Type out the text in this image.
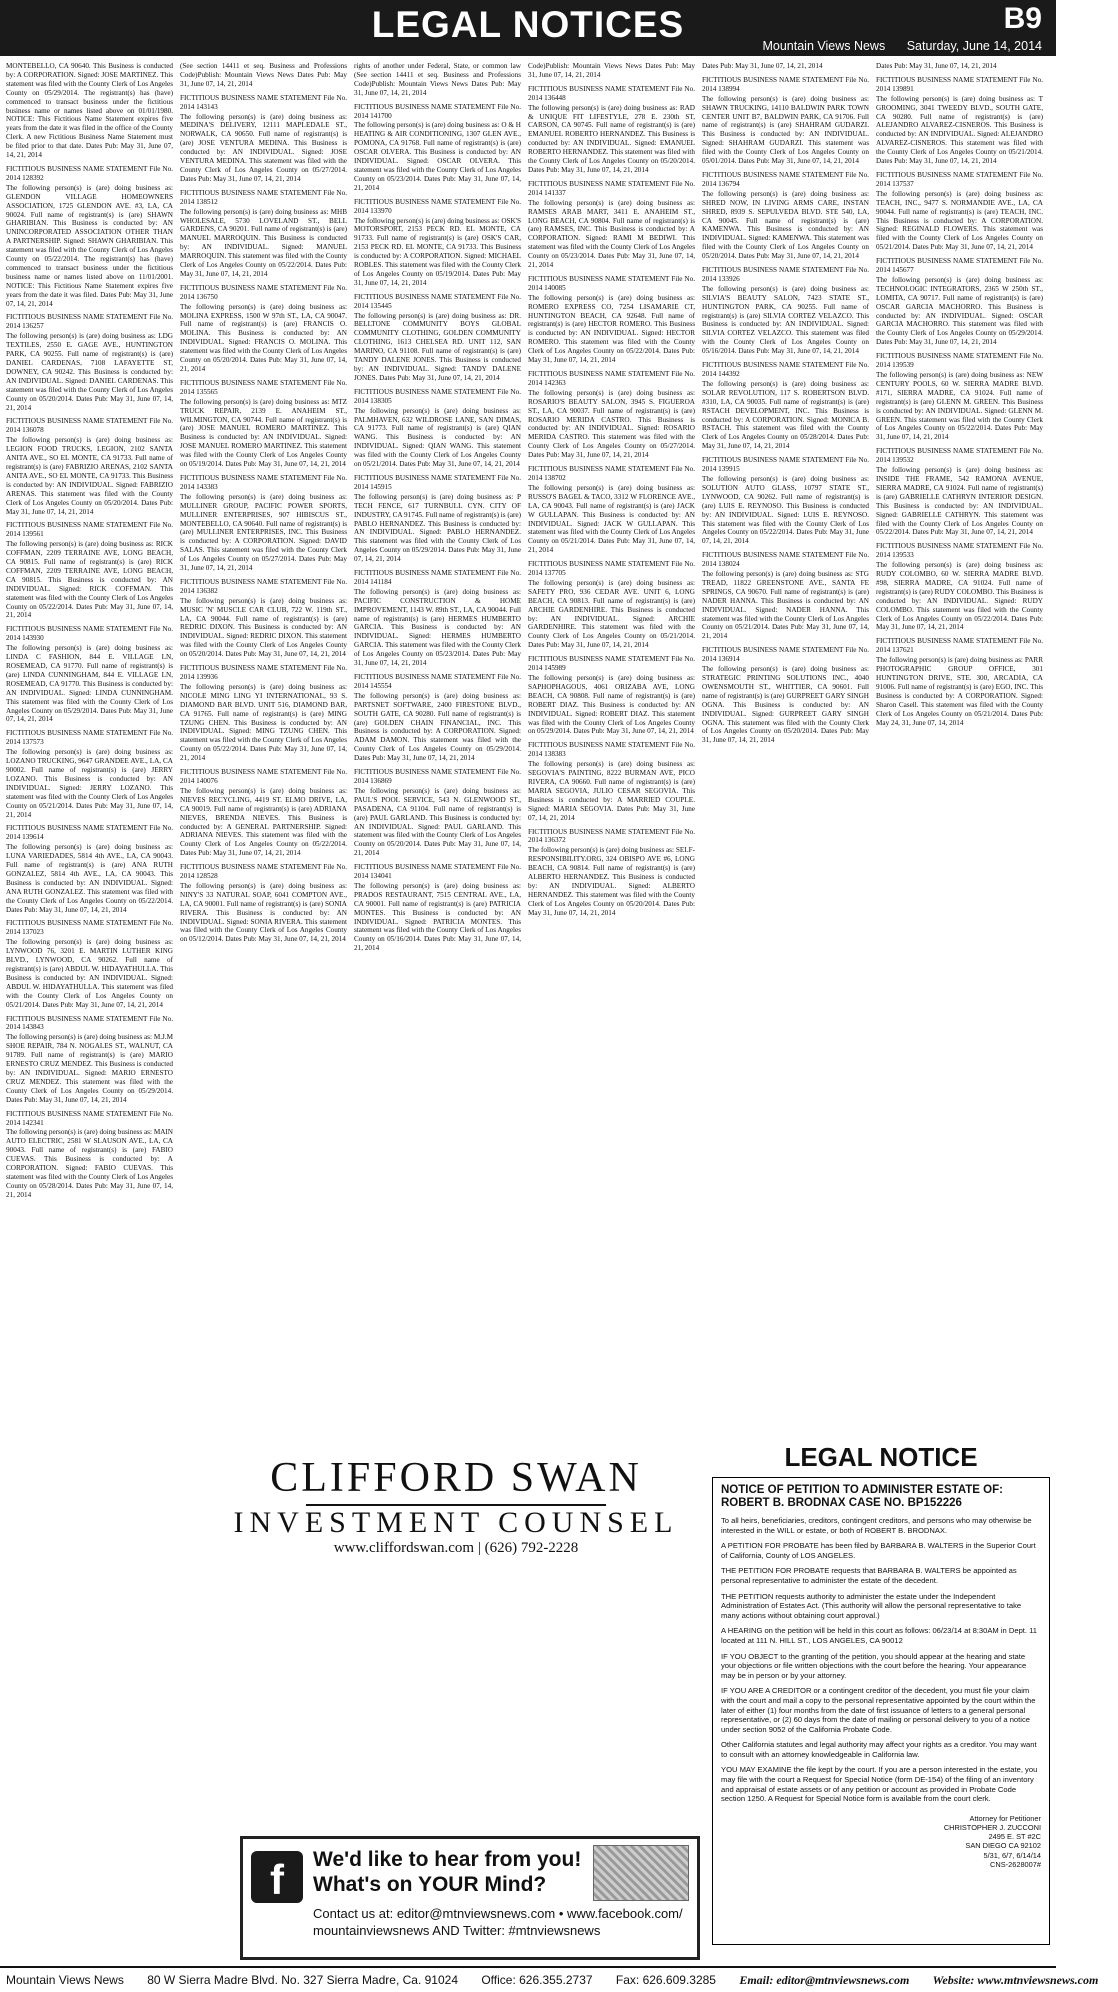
LEGAL NOTICES	B9
Mountain Views News Saturday, June 14, 2014
MONTEBELLO, CA 90640. This Business is conducted by: A CORPORATION. Signed: JOSE MARTINEZ. This statement was filed with the County Clerk of Los Angeles County on 05/29/2014. The registrant(s) has (have) commenced to transact business under the fictitious business name or names listed above on 01/01/1980. NOTICE: This Fictitious Name Statement expires five years from the date it was filed in the office of the County Clerk. A new Fictitious Business Name Statement must be filed prior to that date. Dates Pub: May 31, June 07, 14, 21, 2014
FICTITIOUS BUSINESS NAME STATEMENT File No. 2014 128392
The following person(s) is (are) doing business as: GLENDON VILLAGE HOMEOWNERS ASSOCIATION, 1725 GLENDON AVE. #3, LA, CA 90024. Full name of registrant(s) is (are) SHAWN GHARIBIAN. This Business is conducted by: AN UNINCORPORATED ASSOCIATION OTHER THAN A PARTNERSHIP. Signed: SHAWN GHARIBIAN. This statement was filed with the County Clerk of Los Angeles County on 05/22/2014. The registrant(s) has (have) commenced to transact business under the fictitious business name or names listed above on 11/01/2001. NOTICE: This Fictitious Name Statement expires five years from the date it was filed. Dates Pub: May 31, June 07, 14, 21, 2014
FICTITIOUS BUSINESS NAME STATEMENT File No. 2014 136257
The following person(s) is (are) doing business as: LDG TEXTILES, 2550 E. GAGE AVE., HUNTINGTON PARK, CA 90255. Full name of registrant(s) is (are) DANIEL CARDENAS, 7108 LAFAYETTE ST, DOWNEY, CA 90242. This Business is conducted by: AN INDIVIDUAL. Signed: DANIEL CARDENAS. This statement was filed with the County Clerk of Los Angeles County on 05/20/2014. Dates Pub: May 31, June 07, 14, 21, 2014
FICTITIOUS BUSINESS NAME STATEMENT File No. 2014 136078
The following person(s) is (are) doing business as: LEGION FOOD TRUCKS, LEGION, 2102 SANTA ANITA AVE., SO EL MONTE, CA 91733. Full name of registrant(s) is (are) FABRIZIO ARENAS, 2102 SANTA ANITA AVE., SO EL MONTE, CA 91733. This Business is conducted by: AN INDIVIDUAL. Signed: FABRIZIO ARENAS. This statement was filed with the County Clerk of Los Angeles County on 05/20/2014. Dates Pub: May 31, June 07, 14, 21, 2014
FICTITIOUS BUSINESS NAME STATEMENT File No. 2014 139561
The following person(s) is (are) doing business as: RICK COFFMAN, 2209 TERRAINE AVE, LONG BEACH, CA 90815. Full name of registrant(s) is (are) RICK COFFMAN, 2209 TERRAINE AVE, LONG BEACH, CA 90815. This Business is conducted by: AN INDIVIDUAL. Signed: RICK COFFMAN. This statement was filed with the County Clerk of Los Angeles County on 05/22/2014. Dates Pub: May 31, June 07, 14, 21, 2014
FICTITIOUS BUSINESS NAME STATEMENT File No. 2014 143930
The following person(s) is (are) doing business as: LINDA C FASHION, 844 E. VILLAGE LN, ROSEMEAD, CA 91770. Full name of registrant(s) is (are) LINDA CUNNINGHAM, 844 E. VILLAGE LN, ROSEMEAD, CA 91770. This Business is conducted by: AN INDIVIDUAL. Signed: LINDA CUNNINGHAM. This statement was filed with the County Clerk of Los Angeles County on 05/29/2014. Dates Pub: May 31, June 07, 14, 21, 2014
FICTITIOUS BUSINESS NAME STATEMENT File No. 2014 137573
The following person(s) is (are) doing business as: LOZANO TRUCKING, 9647 GRANDEE AVE., LA, CA 90002. Full name of registrant(s) is (are) JERRY LOZANO. This Business is conducted by: AN INDIVIDUAL. Signed: JERRY LOZANO. This statement was filed with the County Clerk of Los Angeles County on 05/21/2014. Dates Pub: May 31, June 07, 14, 21, 2014
FICTITIOUS BUSINESS NAME STATEMENT File No. 2014 139614
The following person(s) is (are) doing business as: LUNA VARIEDADES, 5814 4th AVE., LA, CA 90043. Full name of registrant(s) is (are) ANA RUTH GONZALEZ, 5814 4th AVE., LA, CA 90043. This Business is conducted by: AN INDIVIDUAL. Signed: ANA RUTH GONZALEZ. This statement was filed with the County Clerk of Los Angeles County on 05/22/2014. Dates Pub: May 31, June 07, 14, 21, 2014
FICTITIOUS BUSINESS NAME STATEMENT File No. 2014 137023
The following person(s) is (are) doing business as: LYNWOOD 76, 3201 E. MARTIN LUTHER KING BLVD., LYNWOOD, CA 90262. Full name of registrant(s) is (are) ABDUL W. HIDAYATHULLA. This Business is conducted by: AN INDIVIDUAL. Signed: ABDUL W. HIDAYATHULLA. This statement was filed with the County Clerk of Los Angeles County on 05/21/2014. Dates Pub: May 31, June 07, 14, 21, 2014
FICTITIOUS BUSINESS NAME STATEMENT File No. 2014 143843
The following person(s) is (are) doing business as: M.J.M SHOE REPAIR, 784 N. NOGALES ST., WALNUT, CA 91789. Full name of registrant(s) is (are) MARIO ERNESTO CRUZ MENDEZ. This Business is conducted by: AN INDIVIDUAL. Signed: MARIO ERNESTO CRUZ MENDEZ. This statement was filed with the County Clerk of Los Angeles County on 05/29/2014. Dates Pub: May 31, June 07, 14, 21, 2014
FICTITIOUS BUSINESS NAME STATEMENT File No. 2014 142341
The following person(s) is (are) doing business as: MAIN AUTO ELECTRIC, 2581 W SLAUSON AVE., LA, CA 90043. Full name of registrant(s) is (are) FABIO CUEVAS. This Business is conducted by: A CORPORATION. Signed: FABIO CUEVAS. This statement was filed with the County Clerk of Los Angeles County on 05/28/2014. Dates Pub: May 31, June 07, 14, 21, 2014
(See section 14411 et seq. Business and Professions Code)Publish: Mountain Views News Dates Pub: May 31, June 07, 14, 21, 2014
FICTITIOUS BUSINESS NAME STATEMENT File No. 2014 143143
The following person(s) is (are) doing business as: MEDINA'S DELIVERY, 12111 MAPLEDALE ST., NORWALK, CA 90650. Full name of registrant(s) is (are) JOSE VENTURA MEDINA. This Business is conducted by: AN INDIVIDUAL. Signed: JOSE VENTURA MEDINA. This statement was filed with the County Clerk of Los Angeles County on 05/27/2014. Dates Pub: May 31, June 07, 14, 21, 2014
FICTITIOUS BUSINESS NAME STATEMENT File No. 2014 138512
The following person(s) is (are) doing business as: MHB WHOLESALE, 5730 LOVELAND ST., BELL GARDENS, CA 90201. Full name of registrant(s) is (are) MANUEL MARROQUIN. This Business is conducted by: AN INDIVIDUAL. Signed: MANUEL MARROQUIN. This statement was filed with the County Clerk of Los Angeles County on 05/22/2014. Dates Pub: May 31, June 07, 14, 21, 2014
FICTITIOUS BUSINESS NAME STATEMENT File No. 2014 136750
The following person(s) is (are) doing business as: MOLINA EXPRESS, 1500 W 97th ST., LA, CA 90047. Full name of registrant(s) is (are) FRANCIS O. MOLINA. This Business is conducted by: AN INDIVIDUAL. Signed: FRANCIS O. MOLINA. This statement was filed with the County Clerk of Los Angeles County on 05/20/2014. Dates Pub: May 31, June 07, 14, 21, 2014
FICTITIOUS BUSINESS NAME STATEMENT File No. 2014 135565
The following person(s) is (are) doing business as: MTZ TRUCK REPAIR, 2139 E. ANAHEIM ST., WILMINGTON, CA 90744. Full name of registrant(s) is (are) JOSE MANUEL ROMERO MARTINEZ. This Business is conducted by: AN INDIVIDUAL. Signed: JOSE MANUEL ROMERO MARTINEZ. This statement was filed with the County Clerk of Los Angeles County on 05/19/2014. Dates Pub: May 31, June 07, 14, 21, 2014
FICTITIOUS BUSINESS NAME STATEMENT File No. 2014 143383
The following person(s) is (are) doing business as: MULLINER GROUP, PACIFIC POWER SPORTS, MULLINER ENTERPRISES, 907 HIBISCUS ST., MONTEBELLO, CA 90640. Full name of registrant(s) is (are) MULLINER ENTERPRISES, INC. This Business is conducted by: A CORPORATION. Signed: DAVID SALAS. This statement was filed with the County Clerk of Los Angeles County on 05/27/2014. Dates Pub: May 31, June 07, 14, 21, 2014
FICTITIOUS BUSINESS NAME STATEMENT File No. 2014 136382
The following person(s) is (are) doing business as: MUSIC 'N' MUSCLE CAR CLUB, 722 W. 119th ST., LA, CA 90044. Full name of registrant(s) is (are) REDRIC DIXON. This Business is conducted by: AN INDIVIDUAL. Signed: REDRIC DIXON. This statement was filed with the County Clerk of Los Angeles County on 05/20/2014. Dates Pub: May 31, June 07, 14, 21, 2014
FICTITIOUS BUSINESS NAME STATEMENT File No. 2014 139936
The following person(s) is (are) doing business as: NICOLE MING LING YI INTERNATIONAL, 93 S. DIAMOND BAR BLVD. UNIT 516, DIAMOND BAR, CA 91765. Full name of registrant(s) is (are) MING TZUNG CHEN. This Business is conducted by: AN INDIVIDUAL. Signed: MING TZUNG CHEN. This statement was filed with the County Clerk of Los Angeles County on 05/22/2014. Dates Pub: May 31, June 07, 14, 21, 2014
FICTITIOUS BUSINESS NAME STATEMENT File No. 2014 140076
The following person(s) is (are) doing business as: NIEVES RECYCLING, 4419 ST. ELMO DRIVE, LA, CA 90019. Full name of registrant(s) is (are) ADRIANA NIEVES, BRENDA NIEVES. This Business is conducted by: A GENERAL PARTNERSHIP. Signed: ADRIANA NIEVES. This statement was filed with the County Clerk of Los Angeles County on 05/22/2014. Dates Pub: May 31, June 07, 14, 21, 2014
FICTITIOUS BUSINESS NAME STATEMENT File No. 2014 128528
The following person(s) is (are) doing business as: NINY'S 33 NATURAL SOAP, 6041 COMPTON AVE., LA, CA 90001. Full name of registrant(s) is (are) SONIA RIVERA. This Business is conducted by: AN INDIVIDUAL. Signed: SONIA RIVERA. This statement was filed with the County Clerk of Los Angeles County on 05/12/2014. Dates Pub: May 31, June 07, 14, 21, 2014
rights of another under Federal, State, or common law (See section 14411 et seq. Business and Professions Code)Publish: Mountain Views News Dates Pub: May 31, June 07, 14, 21, 2014
FICTITIOUS BUSINESS NAME STATEMENT File No. 2014 141700
The following person(s) is (are) doing business as: O & H HEATING & AIR CONDITIONING, 1307 GLEN AVE., POMONA, CA 91768. Full name of registrant(s) is (are) OSCAR OLVERA. This Business is conducted by: AN INDIVIDUAL. Signed: OSCAR OLVERA. This statement was filed with the County Clerk of Los Angeles County on 05/23/2014. Dates Pub: May 31, June 07, 14, 21, 2014
FICTITIOUS BUSINESS NAME STATEMENT File No. 2014 133970
The following person(s) is (are) doing business as: OSK'S MOTORSPORT, 2153 PECK RD. EL MONTE, CA 91733. Full name of registrant(s) is (are) OSK'S CAR, 2153 PECK RD. EL MONTE, CA 91733. This Business is conducted by: A CORPORATION. Signed: MICHAEL ROBLES. This statement was filed with the County Clerk of Los Angeles County on 05/19/2014. Dates Pub: May 31, June 07, 14, 21, 2014
FICTITIOUS BUSINESS NAME STATEMENT File No. 2014 135445
The following person(s) is (are) doing business as: DR. BELLTONE COMMUNITY BOYS GLOBAL COMMUNITY CLOTHING, GOLDEN COMMUNITY CLOTHING, 1613 CHELSEA RD. UNIT 112, SAN MARINO, CA 91108. Full name of registrant(s) is (are) TANDY DALENE JONES. This Business is conducted by: AN INDIVIDUAL. Signed: TANDY DALENE JONES. Dates Pub: May 31, June 07, 14, 21, 2014
FICTITIOUS BUSINESS NAME STATEMENT File No. 2014 138305
The following person(s) is (are) doing business as: PALMHAVEN, 632 WILDROSE LANE, SAN DIMAS, CA 91773. Full name of registrant(s) is (are) QIAN WANG. This Business is conducted by: AN INDIVIDUAL. Signed: QIAN WANG. This statement was filed with the County Clerk of Los Angeles County on 05/21/2014. Dates Pub: May 31, June 07, 14, 21, 2014
FICTITIOUS BUSINESS NAME STATEMENT File No. 2014 145915
The following person(s) is (are) doing business as: P TECH FENCE, 617 TURNBULL CYN. CITY OF INDUSTRY, CA 91745. Full name of registrant(s) is (are) PABLO HERNANDEZ. This Business is conducted by: AN INDIVIDUAL. Signed: PABLO HERNANDEZ. This statement was filed with the County Clerk of Los Angeles County on 05/29/2014. Dates Pub: May 31, June 07, 14, 21, 2014
FICTITIOUS BUSINESS NAME STATEMENT File No. 2014 141184
The following person(s) is (are) doing business as: PACIFIC CONSTRUCTION & HOME IMPROVEMENT, 1143 W. 89th ST., LA, CA 90044. Full name of registrant(s) is (are) HERMES HUMBERTO GARCIA. This Business is conducted by: AN INDIVIDUAL. Signed: HERMES HUMBERTO GARCIA. This statement was filed with the County Clerk of Los Angeles County on 05/23/2014. Dates Pub: May 31, June 07, 14, 21, 2014
FICTITIOUS BUSINESS NAME STATEMENT File No. 2014 145554
The following person(s) is (are) doing business as: PARTSNET SOFTWARE, 2400 FIRESTONE BLVD., SOUTH GATE, CA 90280. Full name of registrant(s) is (are) GOLDEN CHAIN FINANCIAL, INC. This Business is conducted by: A CORPORATION. Signed: ADAM DAMON. This statement was filed with the County Clerk of Los Angeles County on 05/29/2014. Dates Pub: May 31, June 07, 14, 21, 2014
FICTITIOUS BUSINESS NAME STATEMENT File No. 2014 136869
The following person(s) is (are) doing business as: PAUL'S POOL SERVICE, 543 N. GLENWOOD ST., PASADENA, CA 91104. Full name of registrant(s) is (are) PAUL GARLAND. This Business is conducted by: AN INDIVIDUAL. Signed: PAUL GARLAND. This statement was filed with the County Clerk of Los Angeles County on 05/20/2014. Dates Pub: May 31, June 07, 14, 21, 2014
FICTITIOUS BUSINESS NAME STATEMENT File No. 2014 134041
The following person(s) is (are) doing business as: PRADOS RESTAURANT, 7515 CENTRAL AVE., LA, CA 90001. Full name of registrant(s) is (are) PATRICIA MONTES. This Business is conducted by: AN INDIVIDUAL. Signed: PATRICIA MONTES. This statement was filed with the County Clerk of Los Angeles County on 05/16/2014. Dates Pub: May 31, June 07, 14, 21, 2014
Code)Publish: Mountain Views News Dates Pub: May 31, June 07, 14, 21, 2014
FICTITIOUS BUSINESS NAME STATEMENT File No. 2014 136448
The following person(s) is (are) doing business as: RAD & UNIQUE FIT LIFESTYLE, 278 E. 230th ST, CARSON, CA 90745. Full name of registrant(s) is (are) EMANUEL ROBERTO HERNANDEZ. This Business is conducted by: AN INDIVIDUAL. Signed: EMANUEL ROBERTO HERNANDEZ. This statement was filed with the County Clerk of Los Angeles County on 05/20/2014. Dates Pub: May 31, June 07, 14, 21, 2014
FICTITIOUS BUSINESS NAME STATEMENT File No. 2014 141337
The following person(s) is (are) doing business as: RAMSES ARAB MART, 3411 E. ANAHEIM ST., LONG BEACH, CA 90804. Full name of registrant(s) is (are) RAMSES, INC. This Business is conducted by: A CORPORATION. Signed: RAMI M BEDIWI. This statement was filed with the County Clerk of Los Angeles County on 05/23/2014. Dates Pub: May 31, June 07, 14, 21, 2014
FICTITIOUS BUSINESS NAME STATEMENT File No. 2014 140085
The following person(s) is (are) doing business as: ROMERO EXPRESS CO, 7254 LISAMARIE CT, HUNTINGTON BEACH, CA 92648. Full name of registrant(s) is (are) HECTOR ROMERO. This Business is conducted by: AN INDIVIDUAL. Signed: HECTOR ROMERO. This statement was filed with the County Clerk of Los Angeles County on 05/22/2014. Dates Pub: May 31, June 07, 14, 21, 2014
FICTITIOUS BUSINESS NAME STATEMENT File No. 2014 142363
The following person(s) is (are) doing business as: ROSARIO'S BEAUTY SALON, 3945 S. FIGUEROA ST., LA, CA 90037. Full name of registrant(s) is (are) ROSARIO MERIDA CASTRO. This Business is conducted by: AN INDIVIDUAL. Signed: ROSARIO MERIDA CASTRO. This statement was filed with the County Clerk of Los Angeles County on 05/27/2014. Dates Pub: May 31, June 07, 14, 21, 2014
FICTITIOUS BUSINESS NAME STATEMENT File No. 2014 138702
The following person(s) is (are) doing business as: RUSSO'S BAGEL & TACO, 3312 W FLORENCE AVE., LA, CA 90043. Full name of registrant(s) is (are) JACK W GULLAPAN. This Business is conducted by: AN INDIVIDUAL. Signed: JACK W GULLAPAN. This statement was filed with the County Clerk of Los Angeles County on 05/21/2014. Dates Pub: May 31, June 07, 14, 21, 2014
FICTITIOUS BUSINESS NAME STATEMENT File No. 2014 137705
The following person(s) is (are) doing business as: SAFETY PRO, 936 CEDAR AVE. UNIT 6, LONG BEACH, CA 90813. Full name of registrant(s) is (are) ARCHIE GARDENHIRE. This Business is conducted by: AN INDIVIDUAL. Signed: ARCHIE GARDENHIRE. This statement was filed with the County Clerk of Los Angeles County on 05/21/2014. Dates Pub: May 31, June 07, 14, 21, 2014
FICTITIOUS BUSINESS NAME STATEMENT File No. 2014 145989
The following person(s) is (are) doing business as: SAPHOPHAGOUS, 4061 ORIZABA AVE, LONG BEACH, CA 90808. Full name of registrant(s) is (are) ROBERT DIAZ. This Business is conducted by: AN INDIVIDUAL. Signed: ROBERT DIAZ. This statement was filed with the County Clerk of Los Angeles County on 05/29/2014. Dates Pub: May 31, June 07, 14, 21, 2014
FICTITIOUS BUSINESS NAME STATEMENT File No. 2014 138383
The following person(s) is (are) doing business as: SEGOVIA'S PAINTING, 8222 BURMAN AVE, PICO RIVERA, CA 90660. Full name of registrant(s) is (are) MARIA SEGOVIA, JULIO CESAR SEGOVIA. This Business is conducted by: A MARRIED COUPLE. Signed: MARIA SEGOVIA. Dates Pub: May 31, June 07, 14, 21, 2014
FICTITIOUS BUSINESS NAME STATEMENT File No. 2014 136372
The following person(s) is (are) doing business as: SELF-RESPONSIBILITY.ORG, 324 OBISPO AVE #6, LONG BEACH, CA 90814. Full name of registrant(s) is (are) ALBERTO HERNANDEZ. This Business is conducted by: AN INDIVIDUAL. Signed: ALBERTO HERNANDEZ. This statement was filed with the County Clerk of Los Angeles County on 05/20/2014. Dates Pub: May 31, June 07, 14, 21, 2014
Dates Pub: May 31, June 07, 14, 21, 2014
FICTITIOUS BUSINESS NAME STATEMENT File No. 2014 138994
The following person(s) is (are) doing business as: SHAWN TRUCKING, 14110 BALDWIN PARK TOWN CENTER UNIT B7, BALDWIN PARK, CA 91706. Full name of registrant(s) is (are) SHAHRAM GUDARZI. This Business is conducted by: AN INDIVIDUAL. Signed: SHAHRAM GUDARZI. This statement was filed with the County Clerk of Los Angeles County on 05/01/2014. Dates Pub: May 31, June 07, 14, 21, 2014
FICTITIOUS BUSINESS NAME STATEMENT File No. 2014 136794
The following person(s) is (are) doing business as: SHRED NOW, IN LIVING ARMS CARE, INSTAN SHRED, 8939 S. SEPULVEDA BLVD. STE 540, LA, CA 90045. Full name of registrant(s) is (are) KAMENWA. This Business is conducted by: AN INDIVIDUAL. Signed: KAMENWA. This statement was filed with the County Clerk of Los Angeles County on 05/20/2014. Dates Pub: May 31, June 07, 14, 21, 2014
FICTITIOUS BUSINESS NAME STATEMENT File No. 2014 133926
The following person(s) is (are) doing business as: SILVIA'S BEAUTY SALON, 7423 STATE ST., HUNTINGTON PARK, CA 90255. Full name of registrant(s) is (are) SILVIA CORTEZ VELAZCO. This Business is conducted by: AN INDIVIDUAL. Signed: SILVIA CORTEZ VELAZCO. This statement was filed with the County Clerk of Los Angeles County on 05/16/2014. Dates Pub: May 31, June 07, 14, 21, 2014
FICTITIOUS BUSINESS NAME STATEMENT File No. 2014 144392
The following person(s) is (are) doing business as: SOLAR REVOLUTION, 117 S. ROBERTSON BLVD. #310, LA, CA 90035. Full name of registrant(s) is (are) RSTACH DEVELOPMENT, INC. This Business is conducted by: A CORPORATION. Signed: MONICA B. RSTACH. This statement was filed with the County Clerk of Los Angeles County on 05/28/2014. Dates Pub: May 31, June 07, 14, 21, 2014
FICTITIOUS BUSINESS NAME STATEMENT File No. 2014 139915
The following person(s) is (are) doing business as: SOLUTION AUTO GLASS, 10797 STATE ST., LYNWOOD, CA 90262. Full name of registrant(s) is (are) LUIS E. REYNOSO. This Business is conducted by: AN INDIVIDUAL. Signed: LUIS E. REYNOSO. This statement was filed with the County Clerk of Los Angeles County on 05/22/2014. Dates Pub: May 31, June 07, 14, 21, 2014
FICTITIOUS BUSINESS NAME STATEMENT File No. 2014 138024
The following person(s) is (are) doing business as: STG TREAD, 11822 GREENSTONE AVE., SANTA FE SPRINGS, CA 90670. Full name of registrant(s) is (are) NADER HANNA. This Business is conducted by: AN INDIVIDUAL. Signed: NADER HANNA. This statement was filed with the County Clerk of Los Angeles County on 05/21/2014. Dates Pub: May 31, June 07, 14, 21, 2014
FICTITIOUS BUSINESS NAME STATEMENT File No. 2014 136914
The following person(s) is (are) doing business as: STRATEGIC PRINTING SOLUTIONS INC., 4040 OWENSMOUTH ST., WHITTIER, CA 90601. Full name of registrant(s) is (are) GURPREET GARY SINGH OGNA. This Business is conducted by: AN INDIVIDUAL. Signed: GURPREET GARY SINGH OGNA. This statement was filed with the County Clerk of Los Angeles County on 05/20/2014. Dates Pub: May 31, June 07, 14, 21, 2014
Dates Pub: May 31, June 07, 14, 21, 2014
FICTITIOUS BUSINESS NAME STATEMENT File No. 2014 139891
The following person(s) is (are) doing business as: T GROOMING, 3041 TWEEDY BLVD., SOUTH GATE, CA 90280. Full name of registrant(s) is (are) ALEJANDRO ALVAREZ-CISNEROS. This Business is conducted by: AN INDIVIDUAL. Signed: ALEJANDRO ALVAREZ-CISNEROS. This statement was filed with the County Clerk of Los Angeles County on 05/21/2014. Dates Pub: May 31, June 07, 14, 21, 2014
FICTITIOUS BUSINESS NAME STATEMENT File No. 2014 137537
The following person(s) is (are) doing business as: TEACH, INC., 9477 S. NORMANDIE AVE., LA, CA 90044. Full name of registrant(s) is (are) TEACH, INC. This Business is conducted by: A CORPORATION. Signed: REGINALD FLOWERS. This statement was filed with the County Clerk of Los Angeles County on 05/21/2014. Dates Pub: May 31, June 07, 14, 21, 2014
FICTITIOUS BUSINESS NAME STATEMENT File No. 2014 145677
The following person(s) is (are) doing business as: TECHNOLOGIC INTEGRATORS, 2365 W 250th ST., LOMITA, CA 90717. Full name of registrant(s) is (are) OSCAR GARCIA MACHORRO. This Business is conducted by: AN INDIVIDUAL. Signed: OSCAR GARCIA MACHORRO. This statement was filed with the County Clerk of Los Angeles County on 05/29/2014. Dates Pub: May 31, June 07, 14, 21, 2014
FICTITIOUS BUSINESS NAME STATEMENT File No. 2014 139539
The following person(s) is (are) doing business as: NEW CENTURY POOLS, 60 W. SIERRA MADRE BLVD. #171, SIERRA MADRE, CA 91024. Full name of registrant(s) is (are) GLENN M. GREEN. This Business is conducted by: AN INDIVIDUAL. Signed: GLENN M. GREEN. This statement was filed with the County Clerk of Los Angeles County on 05/22/2014. Dates Pub: May 31, June 07, 14, 21, 2014
FICTITIOUS BUSINESS NAME STATEMENT File No. 2014 139532
The following person(s) is (are) doing business as: INSIDE THE FRAME, 542 RAMONA AVENUE, SIERRA MADRE, CA 91024. Full name of registrant(s) is (are) GABRIELLE CATHRYN INTERIOR DESIGN. This Business is conducted by: AN INDIVIDUAL. Signed: GABRIELLE CATHRYN. This statement was filed with the County Clerk of Los Angeles County on 05/22/2014. Dates Pub: May 31, June 07, 14, 21, 2014
FICTITIOUS BUSINESS NAME STATEMENT File No. 2014 139533
The following person(s) is (are) doing business as: RUDY COLOMBO, 60 W. SIERRA MADRE BLVD. #98, SIERRA MADRE, CA 91024. Full name of registrant(s) is (are) RUDY COLOMBO. This Business is conducted by: AN INDIVIDUAL. Signed: RUDY COLOMBO. This statement was filed with the County Clerk of Los Angeles County on 05/22/2014. Dates Pub: May 31, June 07, 14, 21, 2014
FICTITIOUS BUSINESS NAME STATEMENT File No. 2014 137621
The following person(s) is (are) doing business as: PARR PHOTOGRAPHIC GROUP OFFICE, 301 HUNTINGTON DRIVE, STE. 300, ARCADIA, CA 91006. Full name of registrant(s) is (are) EGO, INC. This Business is conducted by: A CORPORATION. Signed: Sharon Casell. This statement was filed with the County Clerk of Los Angeles County on 05/21/2014. Dates Pub: May 24, 31, June 07, 14, 2014
CLIFFORD SWAN
INVESTMENT COUNSEL
www.cliffordswan.com | (626) 792-2228
f	We'd like to hear from you!
What's on YOUR Mind?
Contact us at: editor@mtnviewsnews.com • www.facebook.com/
mountainviewsnews AND Twitter: #mtnviewsnews
LEGAL NOTICE
NOTICE OF PETITION TO ADMINISTER ESTATE OF: ROBERT B. BRODNAX CASE NO. BP152226

To all heirs, beneficiaries, creditors, contingent creditors, and persons who may otherwise be interested in the WILL or estate, or both of ROBERT B. BRODNAX.

A PETITION FOR PROBATE has been filed by BARBARA B. WALTERS in the Superior Court of California, County of LOS ANGELES.

THE PETITION FOR PROBATE requests that BARBARA B. WALTERS be appointed as personal representative to administer the estate of the decedent.

THE PETITION requests authority to administer the estate under the Independent Administration of Estates Act. (This authority will allow the personal representative to take many actions without obtaining court approval.)

A HEARING on the petition will be held in this court as follows: 06/23/14 at 8:30AM in Dept. 11 located at 111 N. HILL ST., LOS ANGELES, CA 90012

IF YOU OBJECT to the granting of the petition, you should appear at the hearing and state your objections or file written objections with the court before the hearing. Your appearance may be in person or by your attorney.

IF YOU ARE A CREDITOR or a contingent creditor of the decedent, you must file your claim with the court and mail a copy to the personal representative appointed by the court within the later of either (1) four months from the date of first issuance of letters to a general personal representative, or (2) 60 days from the date of mailing or personal delivery to you of a notice under section 9052 of the California Probate Code.

Other California statutes and legal authority may affect your rights as a creditor. You may want to consult with an attorney knowledgeable in California law.

YOU MAY EXAMINE the file kept by the court. If you are a person interested in the estate, you may file with the court a Request for Special Notice (form DE-154) of the filing of an inventory and appraisal of estate assets or of any petition or account as provided in Probate Code section 1250. A Request for Special Notice form is available from the court clerk.

Attorney for Petitioner
CHRISTOPHER J. ZUCCONI
2495 E. ST #2C
SAN DIEGO CA 92102
5/31, 6/7, 6/14/14
CNS-2628007#
Mountain Views News 80 W Sierra Madre Blvd. No. 327 Sierra Madre, Ca. 91024 Office: 626.355.2737 Fax: 626.609.3285 Email: editor@mtnviewsnews.com Website: www.mtnviewsnews.com
